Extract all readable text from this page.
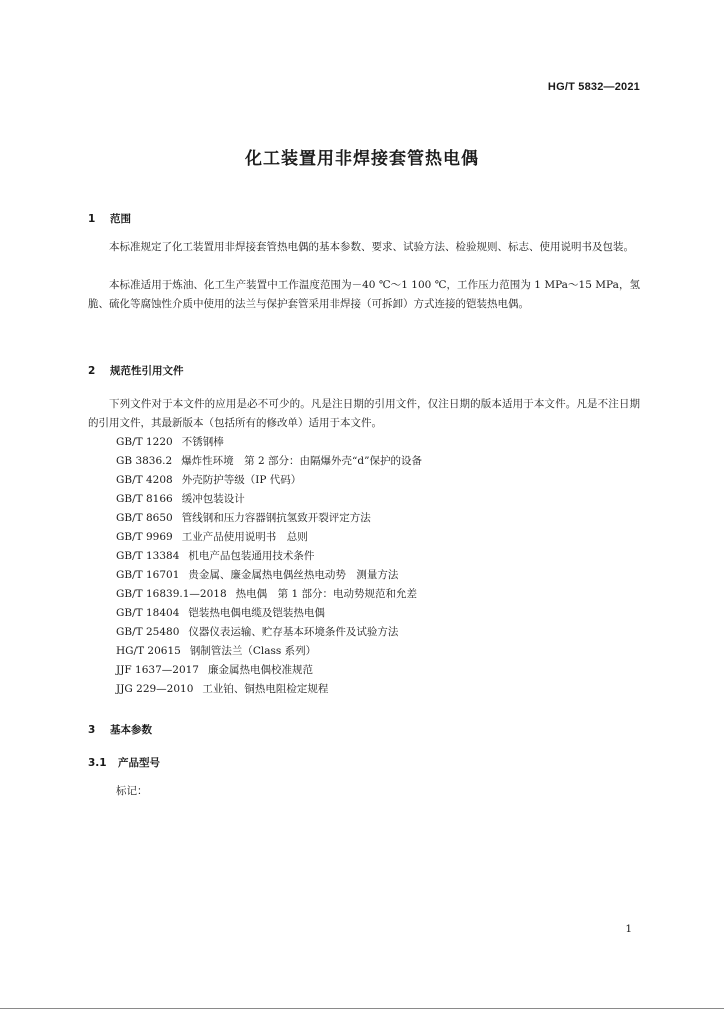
HG/T 5832—2021
化工装置用非焊接套管热电偶
1 范围

本标准规定了化工装置用非焊接套管热电偶的基本参数、要求、试验方法、检验规则、标志、使用说明书及包装。

本标准适用于炼油、化工生产装置中工作温度范围为－40 ℃～1 100 ℃，工作压力范围为 1 MPa～15 MPa，氢脆、硫化等腐蚀性介质中使用的法兰与保护套管采用非焊接（可拆卸）方式连接的铠装热电偶。

2 规范性引用文件

下列文件对于本文件的应用是必不可少的。凡是注日期的引用文件，仅注日期的版本适用于本文件。凡是不注日期的引用文件，其最新版本（包括所有的修改单）适用于本文件。

GB/T 1220 不锈钢棒
GB 3836.2 爆炸性环境　第 2 部分：由隔爆外壳“d”保护的设备
GB/T 4208 外壳防护等级（IP 代码）
GB/T 8166 缓冲包装设计
GB/T 8650 管线钢和压力容器钢抗氢致开裂评定方法
GB/T 9969 工业产品使用说明书　总则
GB/T 13384 机电产品包装通用技术条件
GB/T 16701 贵金属、廉金属热电偶丝热电动势　测量方法
GB/T 16839.1—2018 热电偶　第 1 部分：电动势规范和允差
GB/T 18404 铠装热电偶电缆及铠装热电偶
GB/T 25480 仪器仪表运输、贮存基本环境条件及试验方法
HG/T 20615 钢制管法兰（Class 系列）
JJF 1637—2017 廉金属热电偶校准规范
JJG 229—2010 工业铂、铜热电阻检定规程
3 基本参数
3.1 产品型号
标记：
1
